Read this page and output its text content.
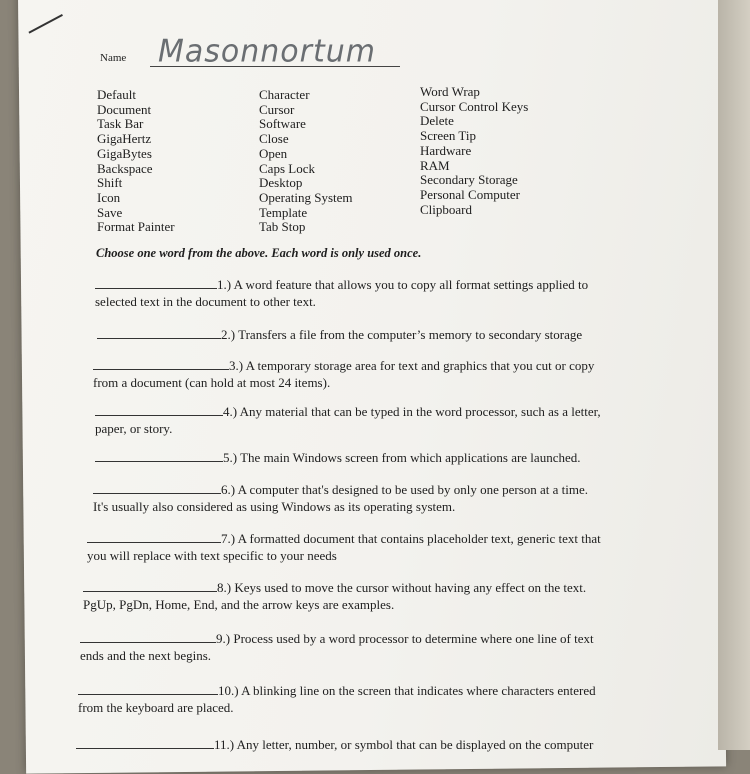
Name Masonnortum
Default
Document
Task Bar
GigaHertz
GigaBytes
Backspace
Shift
Icon
Save
Format Painter
Character
Cursor
Software
Close
Open
Caps Lock
Desktop
Operating System
Template
Tab Stop
Word Wrap
Cursor Control Keys
Delete
Screen Tip
Hardware
RAM
Secondary Storage
Personal Computer
Clipboard
Choose one word from the above. Each word is only used once.
1.) A word feature that allows you to copy all format settings applied to
selected text in the document to other text.
2.) Transfers a file from the computer’s memory to secondary storage
3.) A temporary storage area for text and graphics that you cut or copy
from a document (can hold at most 24 items).
4.) Any material that can be typed in the word processor, such as a letter,
paper, or story.
5.) The main Windows screen from which applications are launched.
6.) A computer that's designed to be used by only one person at a time.
It's usually also considered as using Windows as its operating system.
7.) A formatted document that contains placeholder text, generic text that
you will replace with text specific to your needs
8.) Keys used to move the cursor without having any effect on the text.
PgUp, PgDn, Home, End, and the arrow keys are examples.
9.) Process used by a word processor to determine where one line of text
ends and the next begins.
10.) A blinking line on the screen that indicates where characters entered
from the keyboard are placed.
11.) Any letter, number, or symbol that can be displayed on the computer
